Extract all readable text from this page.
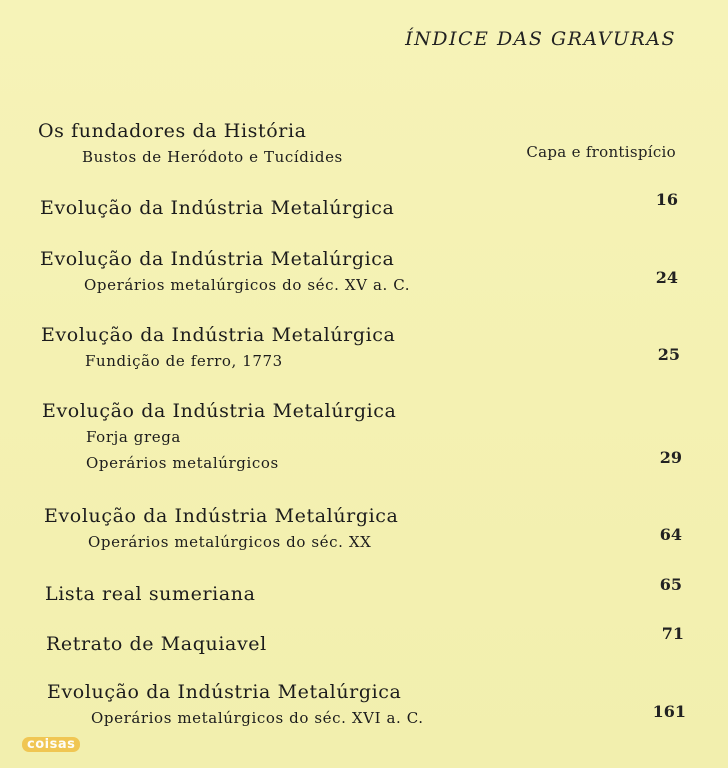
ÍNDICE DAS GRAVURAS
Os fundadores da História
Bustos de Heródoto e Tucídides	Capa e frontispício
Evolução da Indústria Metalúrgica	16
Evolução da Indústria Metalúrgica
Operários metalúrgicos do séc. XV a. C.	24
Evolução da Indústria Metalúrgica
Fundição de ferro, 1773	25
Evolução da Indústria Metalúrgica
Forja grega
Operários metalúrgicos	29
Evolução da Indústria Metalúrgica
Operários metalúrgicos do séc. XX	64
Lista real sumeriana	65
Retrato de Maquiavel	71
Evolução da Indústria Metalúrgica
Operários metalúrgicos do séc. XVI a. C.	161
coisas
